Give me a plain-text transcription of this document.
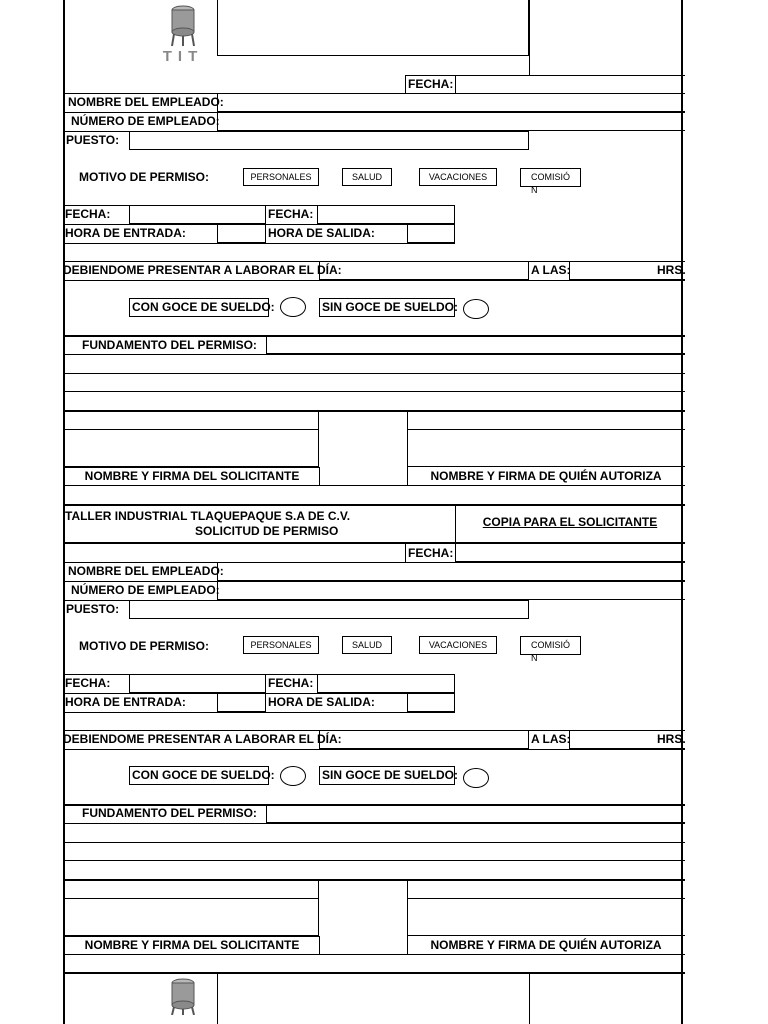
TIT
FECHA:
NOMBRE DEL EMPLEADO:
NÚMERO DE EMPLEADO:
PUESTO:
MOTIVO DE PERMISO:	PERSONALES	SALUD	VACACIONES	COMISIÓ
N
FECHA:	FECHA:
HORA DE ENTRADA:	HORA DE SALIDA:
DEBIENDOME PRESENTAR A LABORAR EL DÍA:	A LAS:	HRS.
CON GOCE DE SUELDO:	SIN GOCE DE SUELDO:
FUNDAMENTO DEL PERMISO:
NOMBRE Y FIRMA DEL SOLICITANTE	NOMBRE Y FIRMA DE QUIÉN AUTORIZA
TALLER INDUSTRIAL TLAQUEPAQUE S.A DE C.V.
SOLICITUD DE PERMISO
COPIA PARA EL SOLICITANTE
FECHA:
NOMBRE DEL EMPLEADO:
NÚMERO DE EMPLEADO:
PUESTO:
MOTIVO DE PERMISO:	PERSONALES	SALUD	VACACIONES	COMISIÓ
N
FECHA:	FECHA:
HORA DE ENTRADA:	HORA DE SALIDA:
DEBIENDOME PRESENTAR A LABORAR EL DÍA:	A LAS:	HRS.
CON GOCE DE SUELDO:	SIN GOCE DE SUELDO:
FUNDAMENTO DEL PERMISO:
NOMBRE Y FIRMA DEL SOLICITANTE	NOMBRE Y FIRMA DE QUIÉN AUTORIZA
